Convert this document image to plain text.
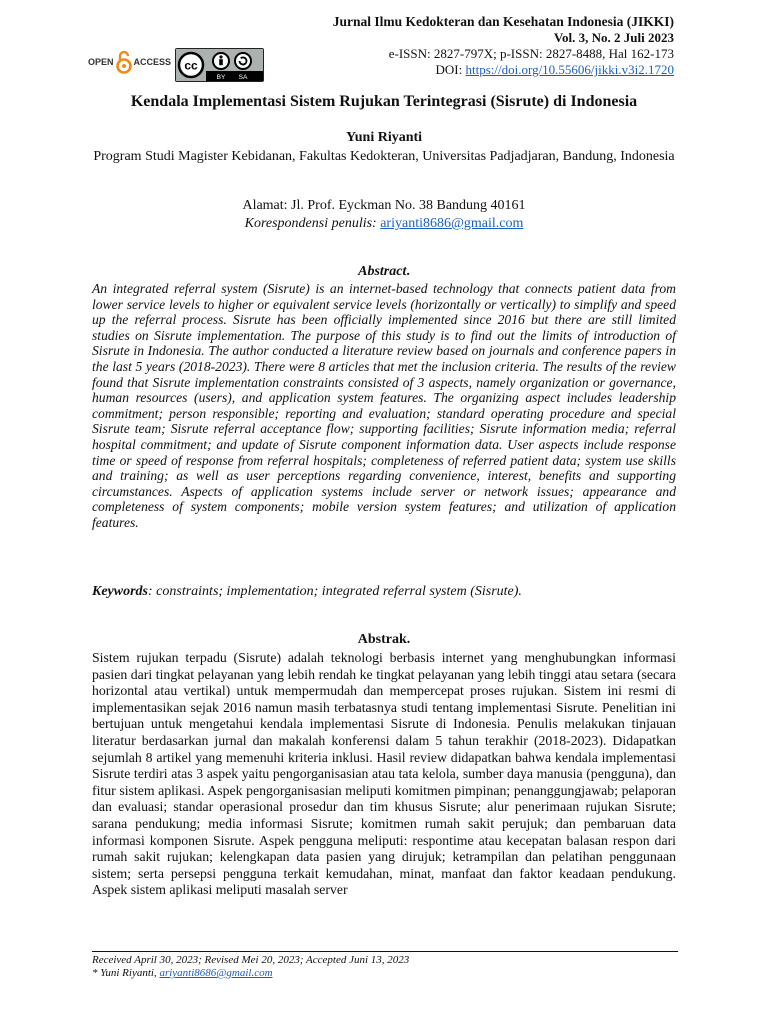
OPEN ACCESS cc
BY SA
Jurnal Ilmu Kedokteran dan Kesehatan Indonesia (JIKKI)
Vol. 3, No. 2 Juli 2023
e-ISSN: 2827-797X; p-ISSN: 2827-8488, Hal 162-173
DOI: https://doi.org/10.55606/jikki.v3i2.1720
Kendala Implementasi Sistem Rujukan Terintegrasi (Sisrute) di Indonesia
Yuni Riyanti
Program Studi Magister Kebidanan, Fakultas Kedokteran, Universitas Padjadjaran, Bandung, Indonesia
Alamat: Jl. Prof. Eyckman No. 38 Bandung 40161
Korespondensi penulis: ariyanti8686@gmail.com
Abstract.
An integrated referral system (Sisrute) is an internet-based technology that connects patient data from lower service levels to higher or equivalent service levels (horizontally or vertically) to simplify and speed up the referral process. Sisrute has been officially implemented since 2016 but there are still limited studies on Sisrute implementation. The purpose of this study is to find out the limits of introduction of Sisrute in Indonesia. The author conducted a literature review based on journals and conference papers in the last 5 years (2018-2023). There were 8 articles that met the inclusion criteria. The results of the review found that Sisrute implementation constraints consisted of 3 aspects, namely organization or governance, human resources (users), and application system features. The organizing aspect includes leadership commitment; person responsible; reporting and evaluation; standard operating procedure and special Sisrute team; Sisrute referral acceptance flow; supporting facilities; Sisrute information media; referral hospital commitment; and update of Sisrute component information data. User aspects include response time or speed of response from referral hospitals; completeness of referred patient data; system use skills and training; as well as user perceptions regarding convenience, interest, benefits and supporting circumstances. Aspects of application systems include server or network issues; appearance and completeness of system components; mobile version system features; and utilization of application features.
Keywords: constraints; implementation; integrated referral system (Sisrute).
Abstrak.
Sistem rujukan terpadu (Sisrute) adalah teknologi berbasis internet yang menghubungkan informasi pasien dari tingkat pelayanan yang lebih rendah ke tingkat pelayanan yang lebih tinggi atau setara (secara horizontal atau vertikal) untuk mempermudah dan mempercepat proses rujukan. Sistem ini resmi di implementasikan sejak 2016 namun masih terbatasnya studi tentang implementasi Sisrute. Penelitian ini bertujuan untuk mengetahui kendala implementasi Sisrute di Indonesia. Penulis melakukan tinjauan literatur berdasarkan jurnal dan makalah konferensi dalam 5 tahun terakhir (2018-2023). Didapatkan sejumlah 8 artikel yang memenuhi kriteria inklusi. Hasil review didapatkan bahwa kendala implementasi Sisrute terdiri atas 3 aspek yaitu pengorganisasian atau tata kelola, sumber daya manusia (pengguna), dan fitur sistem aplikasi. Aspek pengorganisasian meliputi komitmen pimpinan; penanggungjawab; pelaporan dan evaluasi; standar operasional prosedur dan tim khusus Sisrute; alur penerimaan rujukan Sisrute; sarana pendukung; media informasi Sisrute; komitmen rumah sakit perujuk; dan pembaruan data informasi komponen Sisrute. Aspek pengguna meliputi: respontime atau kecepatan balasan respon dari rumah sakit rujukan; kelengkapan data pasien yang dirujuk; ketrampilan dan pelatihan penggunaan sistem; serta persepsi pengguna terkait kemudahan, minat, manfaat dan faktor keadaan pendukung. Aspek sistem aplikasi meliputi masalah server
Received April 30, 2023; Revised Mei 20, 2023; Accepted Juni 13, 2023
* Yuni Riyanti, ariyanti8686@gmail.com
